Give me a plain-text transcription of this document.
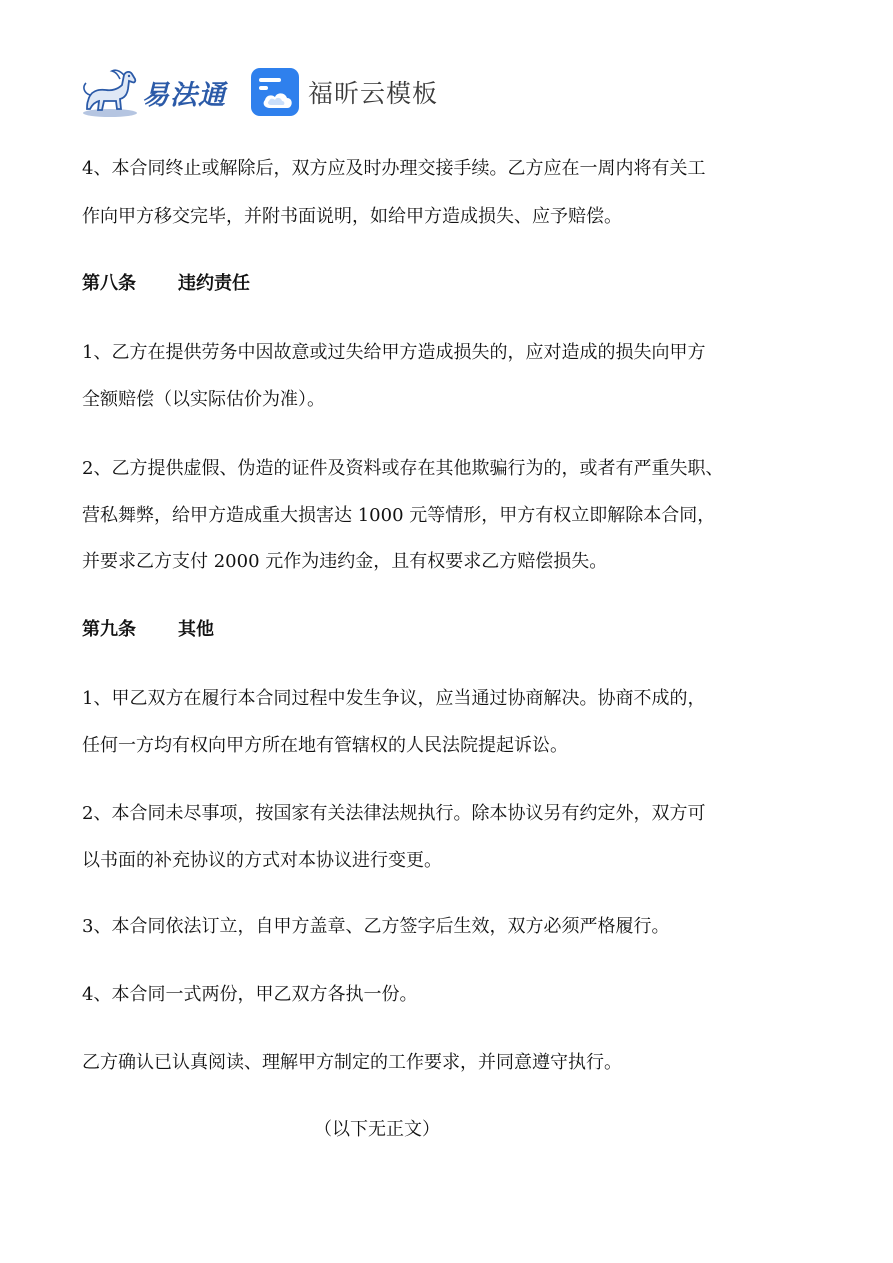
易法通	福昕云模板
4、本合同终止或解除后，双方应及时办理交接手续。乙方应在一周内将有关工
作向甲方移交完毕，并附书面说明，如给甲方造成损失、应予赔偿。
第八条 违约责任
1、乙方在提供劳务中因故意或过失给甲方造成损失的，应对造成的损失向甲方
全额赔偿（以实际估价为准）。
2、乙方提供虚假、伪造的证件及资料或存在其他欺骗行为的，或者有严重失职、
营私舞弊，给甲方造成重大损害达 1000 元等情形，甲方有权立即解除本合同，
并要求乙方支付 2000 元作为违约金，且有权要求乙方赔偿损失。
第九条 其他
1、甲乙双方在履行本合同过程中发生争议，应当通过协商解决。协商不成的，
任何一方均有权向甲方所在地有管辖权的人民法院提起诉讼。
2、本合同未尽事项，按国家有关法律法规执行。除本协议另有约定外，双方可
以书面的补充协议的方式对本协议进行变更。
3、本合同依法订立，自甲方盖章、乙方签字后生效，双方必须严格履行。
4、本合同一式两份，甲乙双方各执一份。
乙方确认已认真阅读、理解甲方制定的工作要求，并同意遵守执行。
（以下无正文）
